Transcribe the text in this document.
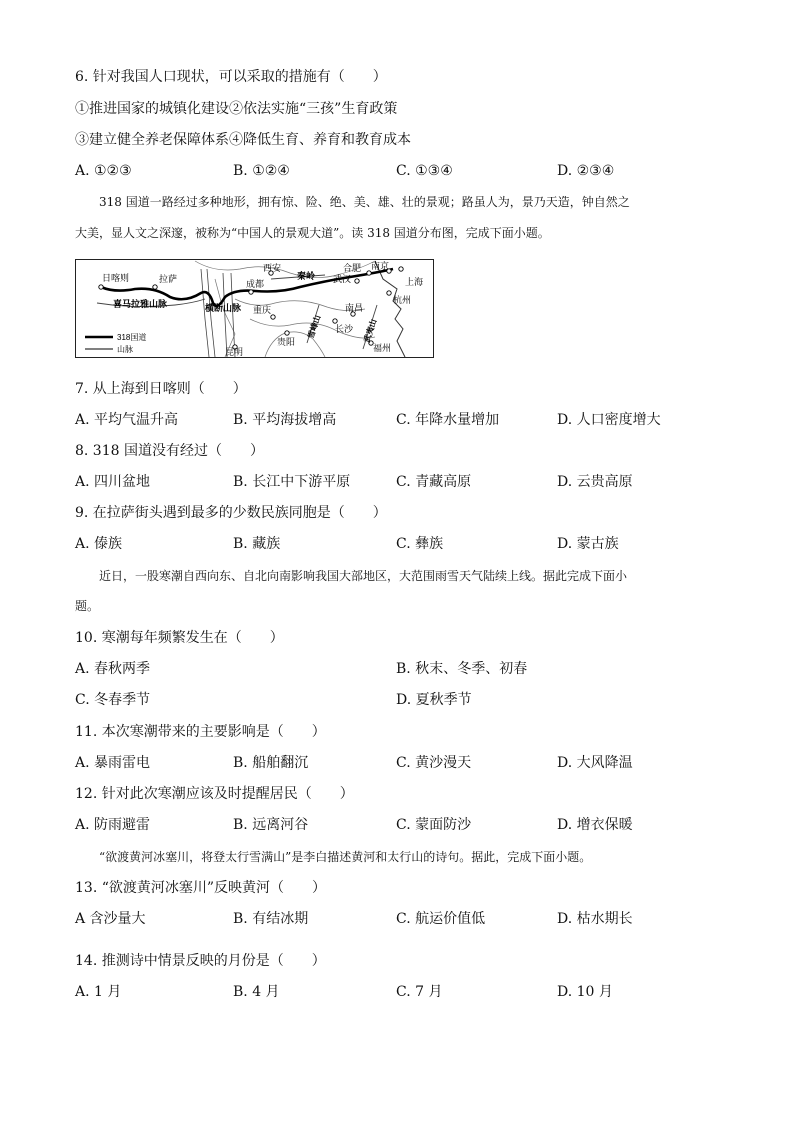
6. 针对我国人口现状，可以采取的措施有（　　）
①推进国家的城镇化建设②依法实施“三孩”生育政策
③建立健全养老保障体系④降低生育、养育和教育成本
A. ①②③	B. ①②④	C. ①③④	D. ②③④
318 国道一路经过多种地形，拥有惊、险、绝、美、雄、壮的景观；路虽人为，景乃天造，钟自然之
大美，显人文之深邃，被称为“中国人的景观大道”。读 318 国道分布图，完成下面小题。
日喀则	拉萨
西安
成都
合肥 南京
武汉	上海
杭州
重庆	南昌
长沙
贵阳
福州
昆明
喜马拉雅山脉	横断山脉
秦岭
雪峰山	武夷山
318国道
山脉
7. 从上海到日喀则（　　）
A. 平均气温升高	B. 平均海拔增高	C. 年降水量增加	D. 人口密度增大
8. 318 国道没有经过（　　）
A. 四川盆地	B. 长江中下游平原	C. 青藏高原	D. 云贵高原
9. 在拉萨街头遇到最多的少数民族同胞是（　　）
A. 傣族	B. 藏族	C. 彝族	D. 蒙古族
近日，一股寒潮自西向东、自北向南影响我国大部地区，大范围雨雪天气陆续上线。据此完成下面小
题。
10. 寒潮每年频繁发生在（　　）
A. 春秋两季	B. 秋末、冬季、初春
C. 冬春季节	D. 夏秋季节
11. 本次寒潮带来的主要影响是（　　）
A. 暴雨雷电	B. 船舶翻沉	C. 黄沙漫天	D. 大风降温
12. 针对此次寒潮应该及时提醒居民（　　）
A. 防雨避雷	B. 远离河谷	C. 蒙面防沙	D. 增衣保暖
“欲渡黄河冰塞川，将登太行雪满山”是李白描述黄河和太行山的诗句。据此，完成下面小题。
13. “欲渡黄河冰塞川”反映黄河（　　）
A 含沙量大	B. 有结冰期	C. 航运价值低	D. 枯水期长
14. 推测诗中情景反映的月份是（　　）
A. 1 月	B. 4 月	C. 7 月	D. 10 月
